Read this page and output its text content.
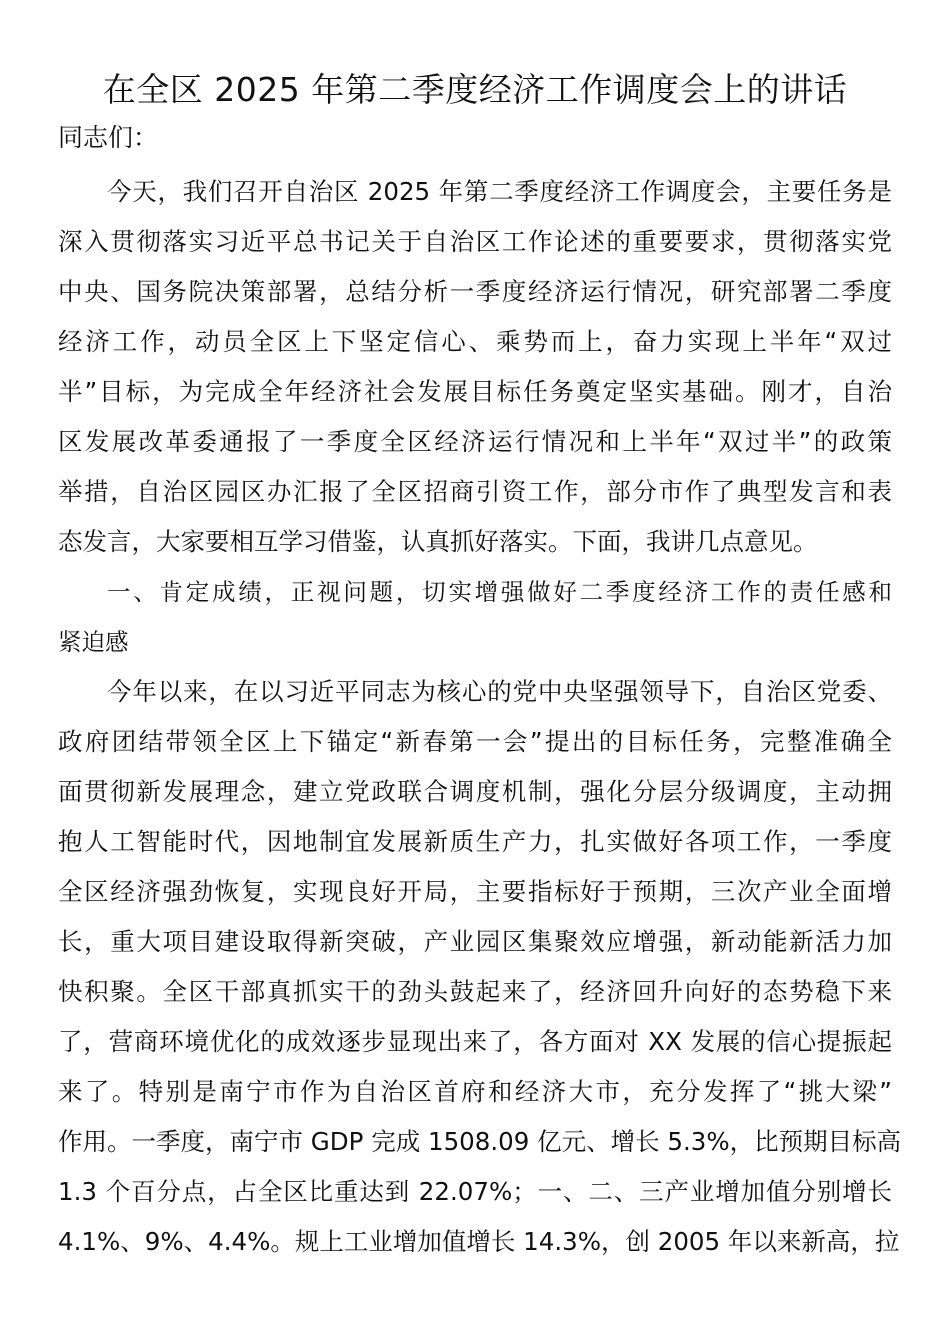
在全区 2025 年第二季度经济工作调度会上的讲话
同志们：
今天，我们召开自治区 2025 年第二季度经济工作调度会，主要任务是
深入贯彻落实习近平总书记关于自治区工作论述的重要要求，贯彻落实党
中央、国务院决策部署，总结分析一季度经济运行情况，研究部署二季度
经济工作，动员全区上下坚定信心、乘势而上，奋力实现上半年“双过
半”目标，为完成全年经济社会发展目标任务奠定坚实基础。刚才，自治
区发展改革委通报了一季度全区经济运行情况和上半年“双过半”的政策
举措，自治区园区办汇报了全区招商引资工作，部分市作了典型发言和表
态发言，大家要相互学习借鉴，认真抓好落实。下面，我讲几点意见。
一、肯定成绩，正视问题，切实增强做好二季度经济工作的责任感和
紧迫感
今年以来，在以习近平同志为核心的党中央坚强领导下，自治区党委、
政府团结带领全区上下锚定“新春第一会”提出的目标任务，完整准确全
面贯彻新发展理念，建立党政联合调度机制，强化分层分级调度，主动拥
抱人工智能时代，因地制宜发展新质生产力，扎实做好各项工作，一季度
全区经济强劲恢复，实现良好开局，主要指标好于预期，三次产业全面增
长，重大项目建设取得新突破，产业园区集聚效应增强，新动能新活力加
快积聚。全区干部真抓实干的劲头鼓起来了，经济回升向好的态势稳下来
了，营商环境优化的成效逐步显现出来了，各方面对 XX 发展的信心提振起
来了。特别是南宁市作为自治区首府和经济大市，充分发挥了“挑大梁”
作用。一季度，南宁市 GDP 完成 1508.09 亿元、增长 5.3%，比预期目标高
1.3 个百分点，占全区比重达到 22.07%；一、二、三产业增加值分别增长
4.1%、9%、4.4%。规上工业增加值增长 14.3%，创 2005 年以来新高，拉
